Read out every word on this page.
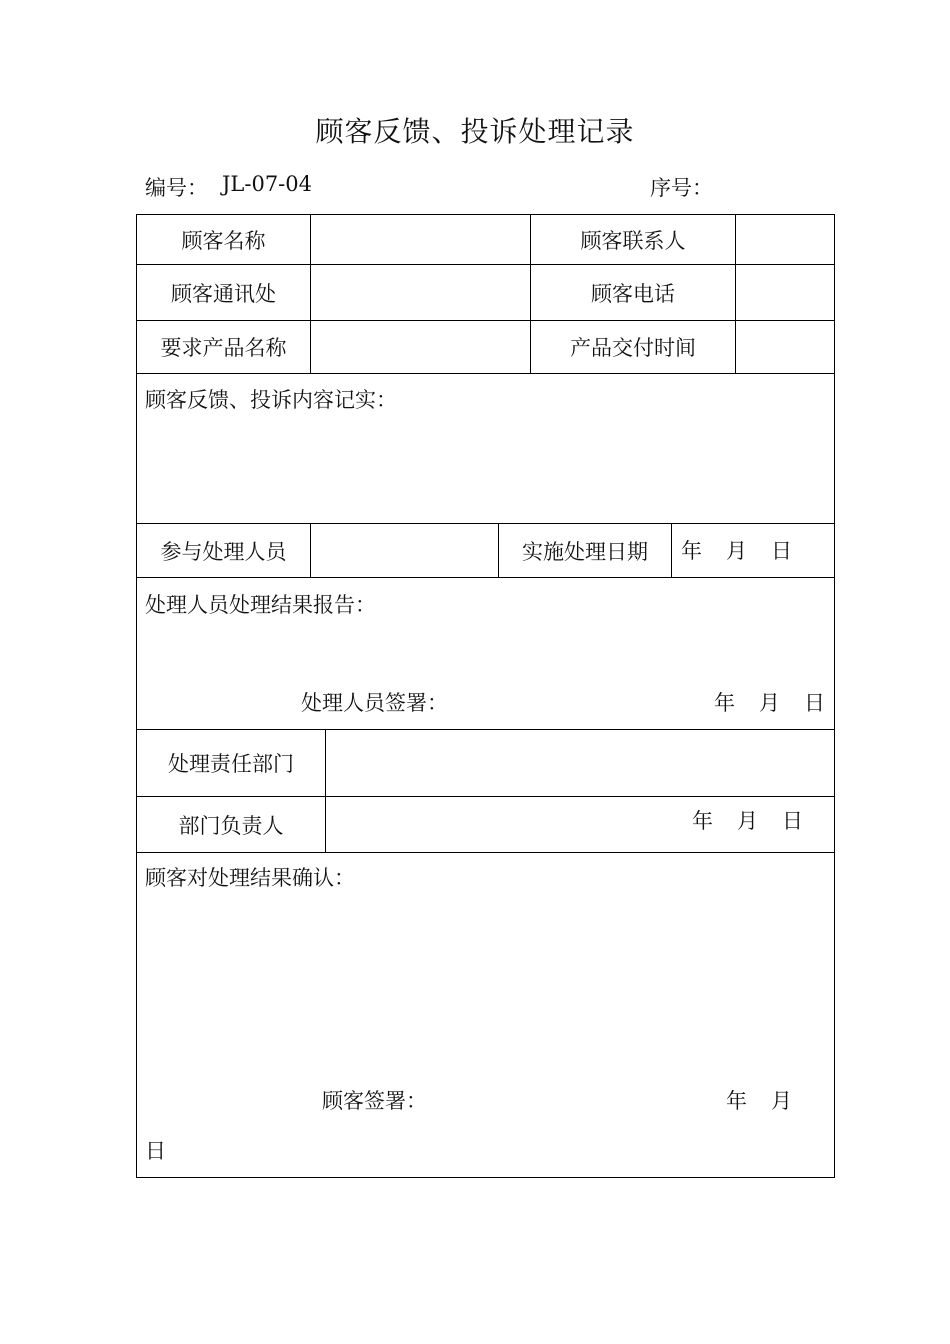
顾客反馈、投诉处理记录
编号： JL-07-04	序号：
顾客名称	顾客联系人
顾客通讯处	顾客电话
要求产品名称	产品交付时间
顾客反馈、投诉内容记实：
参与处理人员	实施处理日期	年 月 日
处理人员处理结果报告：
处理人员签署：	年 月 日
处理责任部门
部门负责人	年 月 日
顾客对处理结果确认：
顾客签署：	年 月
日
